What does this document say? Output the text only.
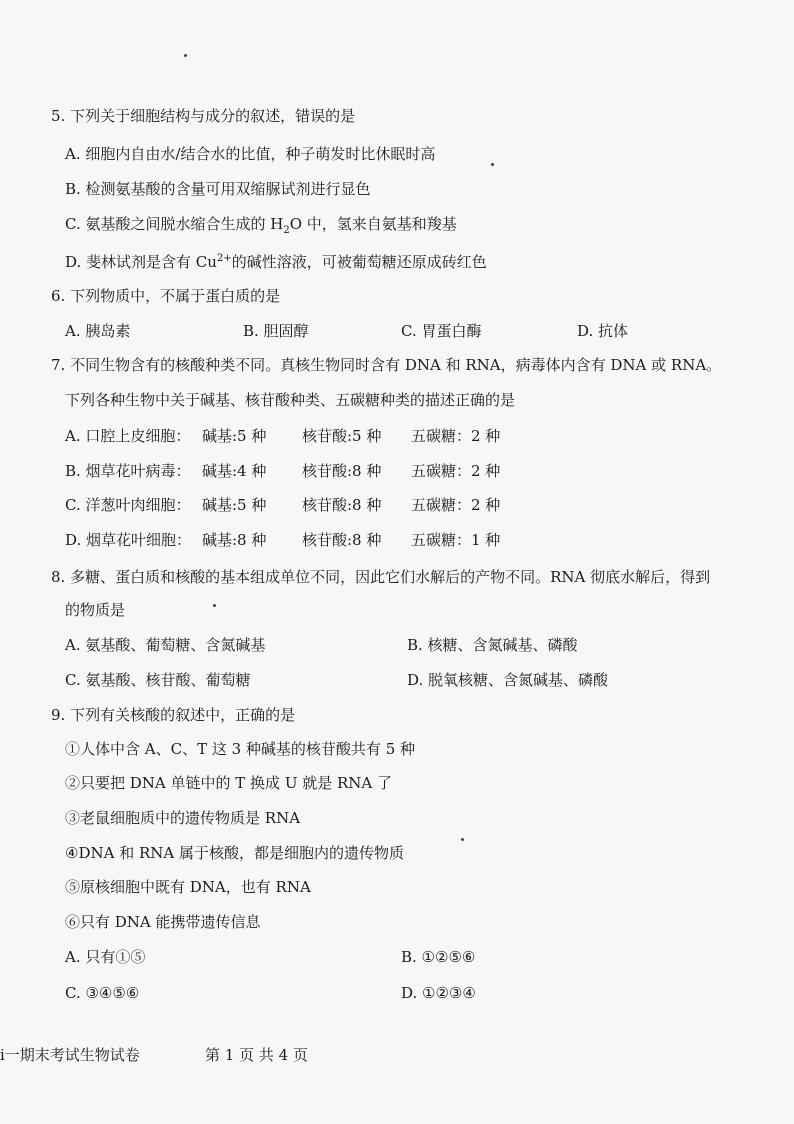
5. 下列关于细胞结构与成分的叙述，错误的是
A. 细胞内自由水/结合水的比值，种子萌发时比休眠时高
B. 检测氨基酸的含量可用双缩脲试剂进行显色
C. 氨基酸之间脱水缩合生成的 $H_2O$ 中，氢来自氨基和羧基
D. 斐林试剂是含有 $Cu^{2+}$的碱性溶液，可被葡萄糖还原成砖红色
6. 下列物质中，不属于蛋白质的是
A. 胰岛素	B. 胆固醇	C. 胃蛋白酶	D. 抗体
7. 不同生物含有的核酸种类不同。真核生物同时含有 DNA 和 RNA，病毒体内含有 DNA 或 RNA。
下列各种生物中关于碱基、核苷酸种类、五碳糖种类的描述正确的是
A. 口腔上皮细胞： 碱基:5 种	核苷酸:5 种	五碳糖：2 种
B. 烟草花叶病毒： 碱基:4 种	核苷酸:8 种	五碳糖：2 种
C. 洋葱叶肉细胞： 碱基:5 种	核苷酸:8 种	五碳糖：2 种
D. 烟草花叶细胞： 碱基:8 种	核苷酸:8 种	五碳糖：1 种
8. 多糖、蛋白质和核酸的基本组成单位不同，因此它们水解后的产物不同。RNA 彻底水解后，得到
的物质是
A. 氨基酸、葡萄糖、含氮碱基	B. 核糖、含氮碱基、磷酸
C. 氨基酸、核苷酸、葡萄糖	D. 脱氧核糖、含氮碱基、磷酸
9. 下列有关核酸的叙述中，正确的是
①人体中含 A、C、T 这 3 种碱基的核苷酸共有 5 种
②只要把 DNA 单链中的 T 换成 U 就是 RNA 了
③老鼠细胞质中的遗传物质是 RNA
④DNA 和 RNA 属于核酸，都是细胞内的遗传物质
⑤原核细胞中既有 DNA，也有 RNA
⑥只有 DNA 能携带遗传信息
A. 只有①⑤	B. ①②⑤⑥
C. ③④⑤⑥	D. ①②③④
i一期末考试生物试卷	第 1 页 共 4 页
